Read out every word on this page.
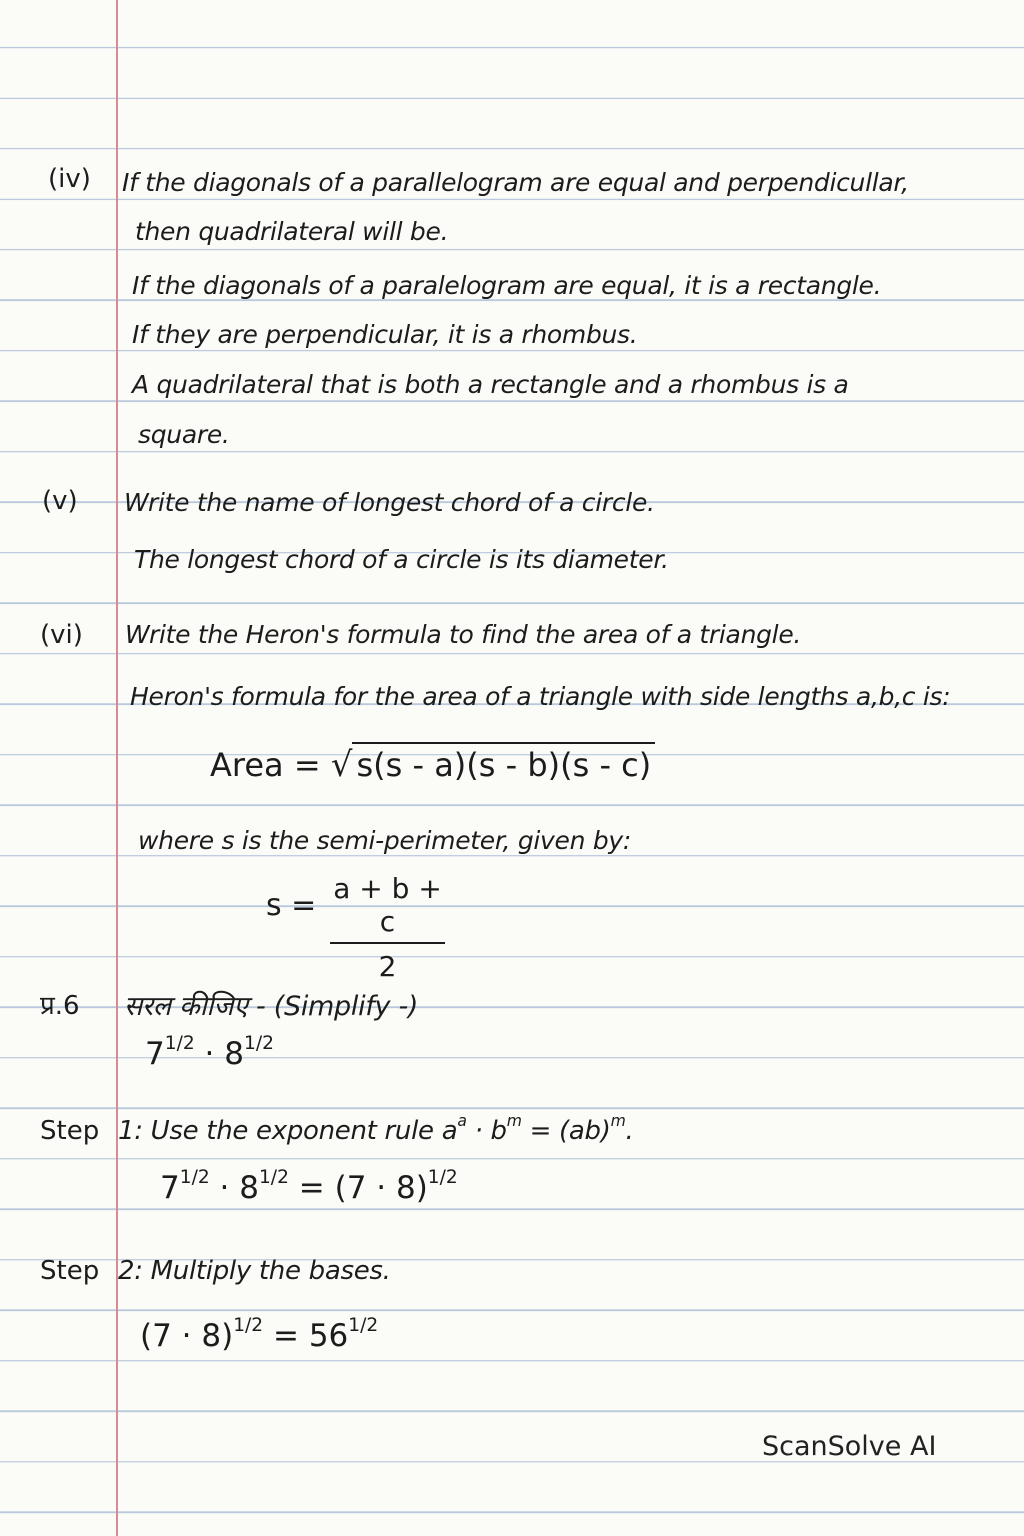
(iv) If the diagonals of a parallelogram are equal and perpendicullar,
then quadrilateral will be.
If the diagonals of a paralelogram are equal, it is a rectangle.
If they are perpendicular, it is a rhombus.
A quadrilateral that is both a rectangle and a rhombus is a
square.
(v) Write the name of longest chord of a circle.
The longest chord of a circle is its diameter.
(vi) Write the Heron's formula to find the area of a triangle.
Heron's formula for the area of a triangle with side lengths a,b,c is:
Area = √ s(s - a)(s - b)(s - c)
where s is the semi-perimeter, given by:
$s = \frac{a + b + c}{2}$
प्र.6 सरल कीजिए - (Simplify -)
$7^{1/2} \cdot 8^{1/2}$
Step 1: Use the exponent rule $a^a \cdot b^m = (ab)^m$.
$7^{1/2} \cdot 8^{1/2} = (7 \cdot 8)^{1/2}$
Step 2: Multiply the bases.
$(7 \cdot 8)^{1/2} = 56^{1/2}$
ScanSolve AI
